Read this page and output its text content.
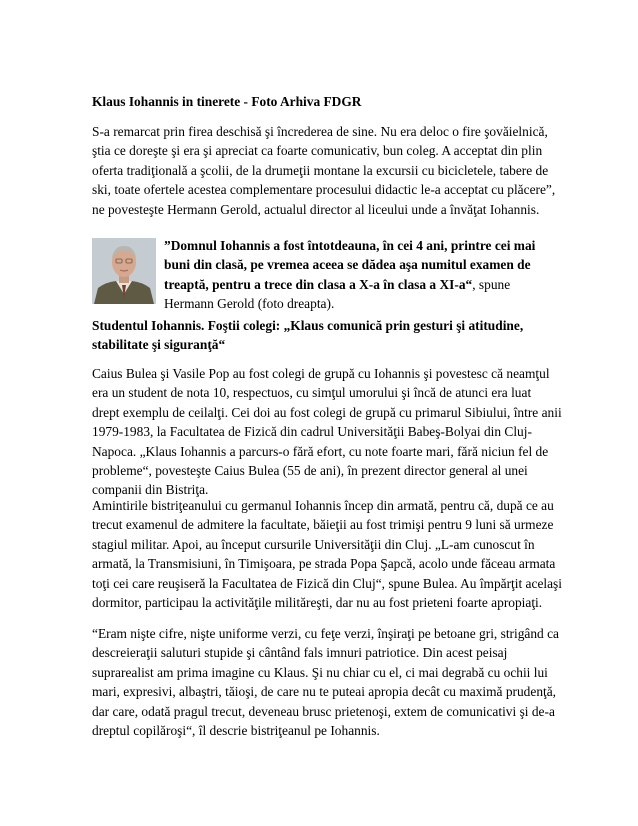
Klaus Iohannis in tinerete - Foto Arhiva FDGR

S-a remarcat prin firea deschisă şi încrederea de sine. Nu era deloc o fire şovăielnică, ştia ce doreşte şi era şi apreciat ca foarte comunicativ, bun coleg. A acceptat din plin oferta tradiţională a şcolii, de la drumeţii montane la excursii cu bicicletele, tabere de ski, toate ofertele acestea complementare procesului didactic le-a acceptat cu plăcere”, ne povesteşte Hermann Gerold, actualul director al liceului unde a învăţat Iohannis.

”Domnul Iohannis a fost întotdeauna, în cei 4 ani, printre cei mai buni din clasă, pe vremea aceea se dădea aşa numitul examen de treaptă, pentru a trece din clasa a X-a în clasa a XI-a“, spune Hermann Gerold (foto dreapta).

Studentul Iohannis. Foştii colegi: „Klaus comunică prin gesturi şi atitudine, stabilitate şi siguranţă“

Caius Bulea şi Vasile Pop au fost colegi de grupă cu Iohannis şi povestesc că neamţul era un student de nota 10, respectuos, cu simţul umorului şi încă de atunci era luat drept exemplu de ceilalţi. Cei doi au fost colegi de grupă cu primarul Sibiului, între anii 1979-1983, la Facultatea de Fizică din cadrul Universităţii Babeş-Bolyai din Cluj-Napoca. „Klaus Iohannis a parcurs-o fără efort, cu note foarte mari, fără niciun fel de probleme“, povesteşte Caius Bulea (55 de ani), în prezent director general al unei companii din Bistriţa.

Amintirile bistriţeanului cu germanul Iohannis încep din armată, pentru că, după ce au trecut examenul de admitere la facultate, băieţii au fost trimişi pentru 9 luni să urmeze stagiul militar. Apoi, au început cursurile Universităţii din Cluj. „L-am cunoscut în armată, la Transmisiuni, în Timişoara, pe strada Popa Şapcă, acolo unde făceau armata toţi cei care reuşiseră la Facultatea de Fizică din Cluj“, spune Bulea. Au împărţit acelaşi dormitor, participau la activităţile milităreşti, dar nu au fost prieteni foarte apropiaţi.

“Eram nişte cifre, nişte uniforme verzi, cu feţe verzi, înşiraţi pe betoane gri, strigând ca descreieraţii saluturi stupide şi cântând fals imnuri patriotice. Din acest peisaj suprarealist am prima imagine cu Klaus. Şi nu chiar cu el, ci mai degrabă cu ochii lui mari, expresivi, albaştri, tăioşi, de care nu te puteai apropia decât cu maximă prudenţă, dar care, odată pragul trecut, deveneau brusc prietenoşi, extem de comunicativi şi de-a dreptul copilăroşi“, îl descrie bistriţeanul pe Iohannis.
